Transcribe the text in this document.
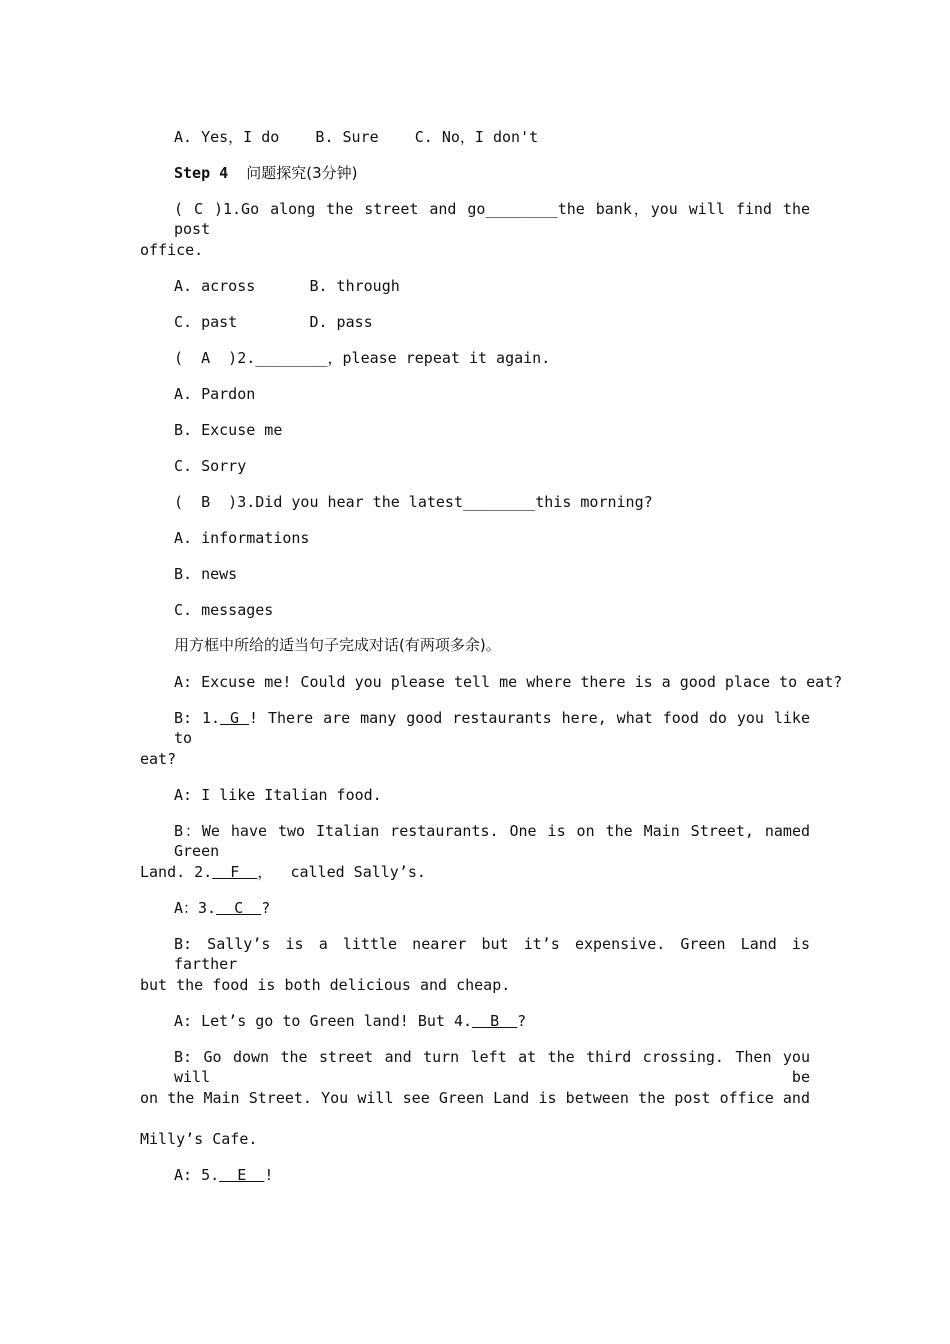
A. Yes，I do    B. Sure    C. No，I don't
Step 4 问题探究(3分钟)
( C )1.Go along the street and go________the bank，you will find the post
office.
A. across      B. through
C. past        D. pass
(  A  )2.________，please repeat it again.
A. Pardon
B. Excuse me
C. Sorry
(  B  )3.Did you hear the latest________this morning?
A. informations
B. news
C. messages
用方框中所给的适当句子完成对话(有两项多余)。
A: Excuse me! Could you please tell me where there is a good place to eat?
B: 1. G ! There are many good restaurants here, what food do you like to
eat?
A: I like Italian food.
B：We have two Italian restaurants. One is on the Main Street, named Green
Land. 2.  F  ，  called Sally’s.
A：3.  C  ?
B: Sally’s is a little nearer but it’s expensive. Green Land is farther
but the food is both delicious and cheap.
A: Let’s go to Green land! But 4.  B  ?
B: Go down the street and turn left at the third crossing. Then you will be
on the Main Street. You will see Green Land is between the post office and
Milly’s Cafe.
A: 5.  E  !
